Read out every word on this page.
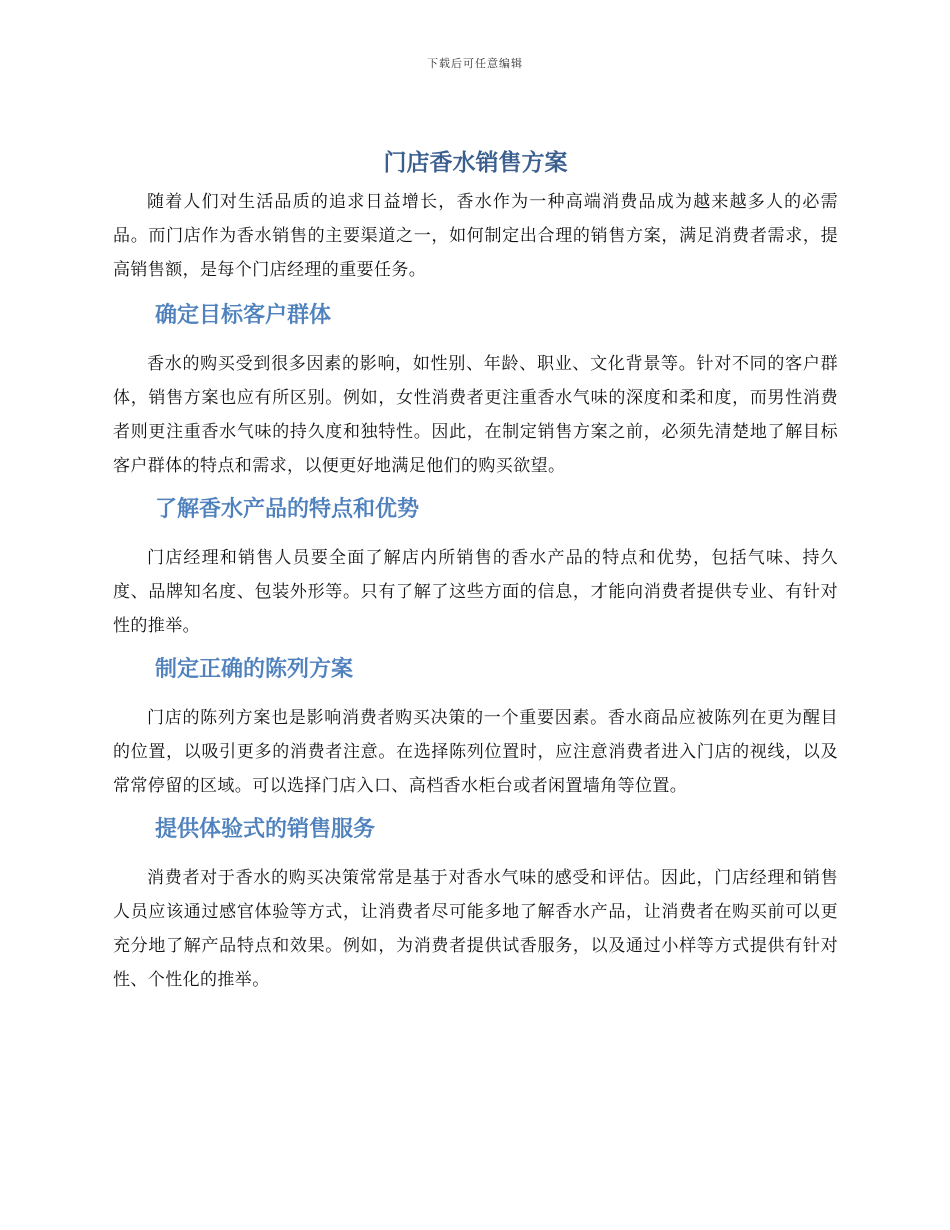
下载后可任意编辑
门店香水销售方案

随着人们对生活品质的追求日益增长，香水作为一种高端消费品成为越来越多人的必需品。而门店作为香水销售的主要渠道之一，如何制定出合理的销售方案，满足消费者需求，提高销售额，是每个门店经理的重要任务。

确定目标客户群体

香水的购买受到很多因素的影响，如性别、年龄、职业、文化背景等。针对不同的客户群体，销售方案也应有所区别。例如，女性消费者更注重香水气味的深度和柔和度，而男性消费者则更注重香水气味的持久度和独特性。因此，在制定销售方案之前，必须先清楚地了解目标客户群体的特点和需求，以便更好地满足他们的购买欲望。

了解香水产品的特点和优势

门店经理和销售人员要全面了解店内所销售的香水产品的特点和优势，包括气味、持久度、品牌知名度、包装外形等。只有了解了这些方面的信息，才能向消费者提供专业、有针对性的推举。

制定正确的陈列方案

门店的陈列方案也是影响消费者购买决策的一个重要因素。香水商品应被陈列在更为醒目的位置，以吸引更多的消费者注意。在选择陈列位置时，应注意消费者进入门店的视线，以及常常停留的区域。可以选择门店入口、高档香水柜台或者闲置墙角等位置。

提供体验式的销售服务

消费者对于香水的购买决策常常是基于对香水气味的感受和评估。因此，门店经理和销售人员应该通过感官体验等方式，让消费者尽可能多地了解香水产品，让消费者在购买前可以更充分地了解产品特点和效果。例如，为消费者提供试香服务，以及通过小样等方式提供有针对性、个性化的推举。
